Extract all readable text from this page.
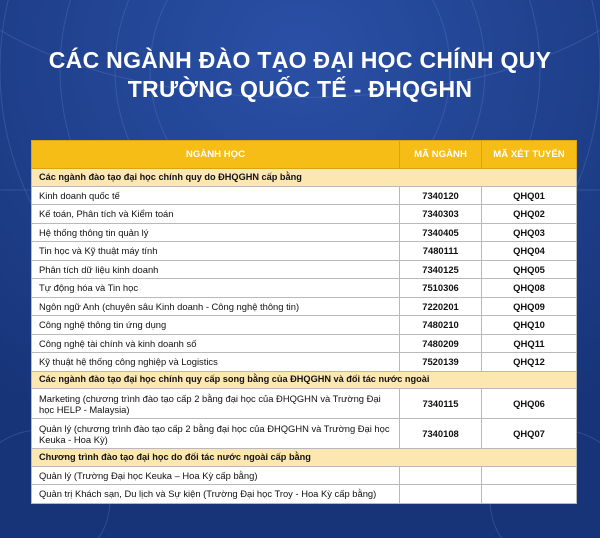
CÁC NGÀNH ĐÀO TẠO ĐẠI HỌC CHÍNH QUY
TRƯỜNG QUỐC TẾ - ĐHQGHN
NGÀNH HỌC	MÃ NGÀNH	MÃ XÉT TUYỂN
Các ngành đào tạo đại học chính quy do ĐHQGHN cấp bằng		
Kinh doanh quốc tế	7340120	QHQ01
Kế toán, Phân tích và Kiểm toán	7340303	QHQ02
Hệ thống thông tin quản lý	7340405	QHQ03
Tin học và Kỹ thuật máy tính	7480111	QHQ04
Phân tích dữ liệu kinh doanh	7340125	QHQ05
Tự động hóa và Tin học	7510306	QHQ08
Ngôn ngữ Anh (chuyên sâu Kinh doanh - Công nghệ thông tin)	7220201	QHQ09
Công nghệ thông tin ứng dụng	7480210	QHQ10
Công nghệ tài chính và kinh doanh số	7480209	QHQ11
Kỹ thuật hệ thống công nghiệp và Logistics	7520139	QHQ12
Các ngành đào tạo đại học chính quy cấp song bằng của ĐHQGHN và đối tác nước ngoài		
Marketing (chương trình đào tạo cấp 2 bằng đại học của ĐHQGHN và Trường Đại học HELP - Malaysia)	7340115	QHQ06
Quản lý (chương trình đào tạo cấp 2 bằng đại học của ĐHQGHN và Trường Đại học Keuka - Hoa Kỳ)	7340108	QHQ07
Chương trình đào tạo đại học do đối tác nước ngoài cấp bằng		
Quản lý (Trường Đại học Keuka – Hoa Kỳ cấp bằng)		
Quản trị Khách sạn, Du lịch và Sự kiện (Trường Đại học Troy - Hoa Kỳ cấp bằng)		
